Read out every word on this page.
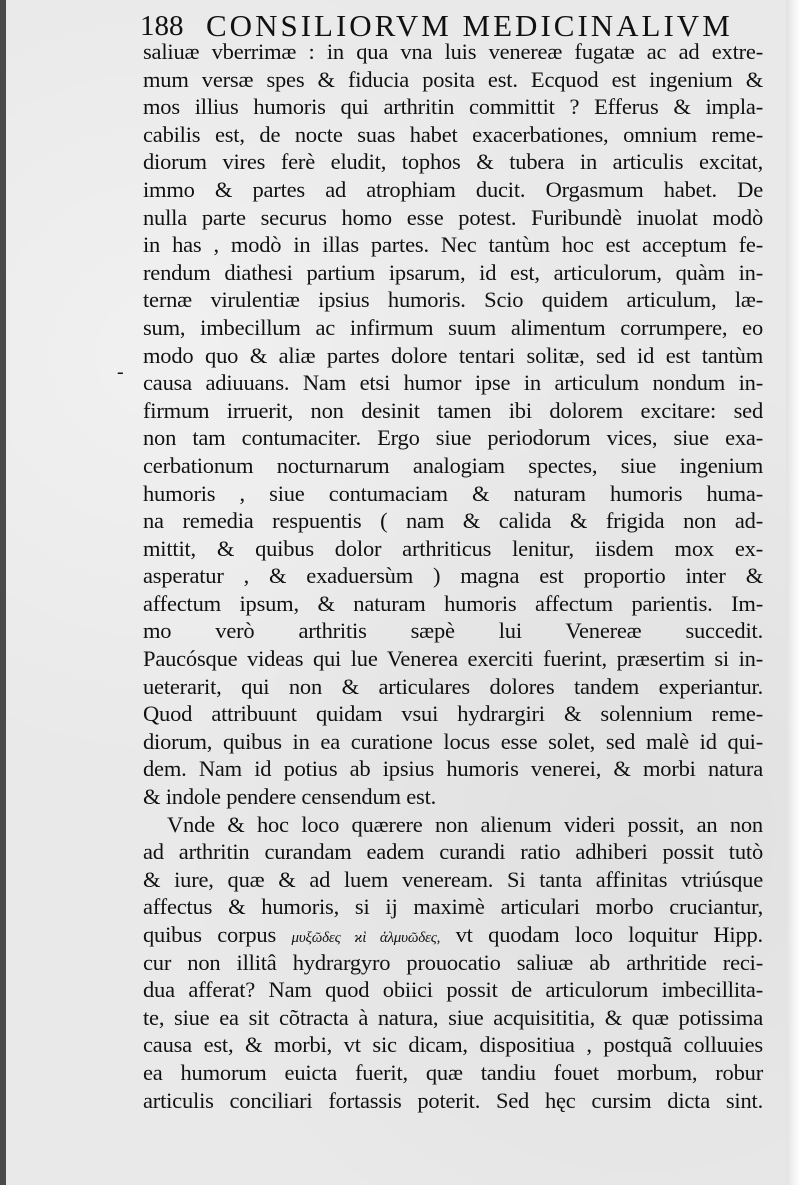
188 CONSILIORVM MEDICINALIVM
-
saliuæ vberrimæ : in qua vna luis venereæ fugatæ ac ad extre-
mum versæ spes & fiducia posita est. Ecquod est ingenium &
mos illius humoris qui arthritin committit ? Efferus & impla-
cabilis est, de nocte suas habet exacerbationes, omnium reme-
diorum vires ferè eludit, tophos & tubera in articulis excitat,
immo & partes ad atrophiam ducit. Orgasmum habet. De
nulla parte securus homo esse potest. Furibundè inuolat modò
in has , modò in illas partes. Nec tantùm hoc est acceptum fe-
rendum diathesi partium ipsarum, id est, articulorum, quàm in-
ternæ virulentiæ ipsius humoris. Scio quidem articulum, læ-
sum, imbecillum ac infirmum suum alimentum corrumpere, eo
modo quo & aliæ partes dolore tentari solitæ, sed id est tantùm
causa adiuuans. Nam etsi humor ipse in articulum nondum in-
firmum irruerit, non desinit tamen ibi dolorem excitare: sed
non tam contumaciter. Ergo siue periodorum vices, siue exa-
cerbationum nocturnarum analogiam spectes, siue ingenium
humoris , siue contumaciam & naturam humoris huma-
na remedia respuentis ( nam & calida & frigida non ad-
mittit, & quibus dolor arthriticus lenitur, iisdem mox ex-
asperatur , & exaduersùm ) magna est proportio inter &
affectum ipsum, & naturam humoris affectum parientis. Im-
mo verò arthritis sæpè lui Venereæ succedit.
Paucósque videas qui lue Venerea exerciti fuerint, præsertim si in-
ueterarit, qui non & articulares dolores tandem experiantur.
Quod attribuunt quidam vsui hydrargiri & solennium reme-
diorum, quibus in ea curatione locus esse solet, sed malè id qui-
dem. Nam id potius ab ipsius humoris venerei, & morbi natura
& indole pendere censendum est.
Vnde & hoc loco quærere non alienum videri possit, an non
ad arthritin curandam eadem curandi ratio adhiberi possit tutò
& iure, quæ & ad luem veneream. Si tanta affinitas vtriúsque
affectus & humoris, si ij maximè articulari morbo cruciantur,
quibus corpus μυξῶδες ϰὶ ἁλμυῶδες, vt quodam loco loquitur Hipp.
cur non illitâ hydrargyro prouocatio saliuæ ab arthritide reci-
dua afferat? Nam quod obiici possit de articulorum imbecillita-
te, siue ea sit cõtracta à natura, siue acquisititia, & quæ potissima
causa est, & morbi, vt sic dicam, dispositiua , postquã colluuies
ea humorum euicta fuerit, quæ tandiu fouet morbum, robur
articulis conciliari fortassis poterit. Sed hęc cursim dicta sint.
